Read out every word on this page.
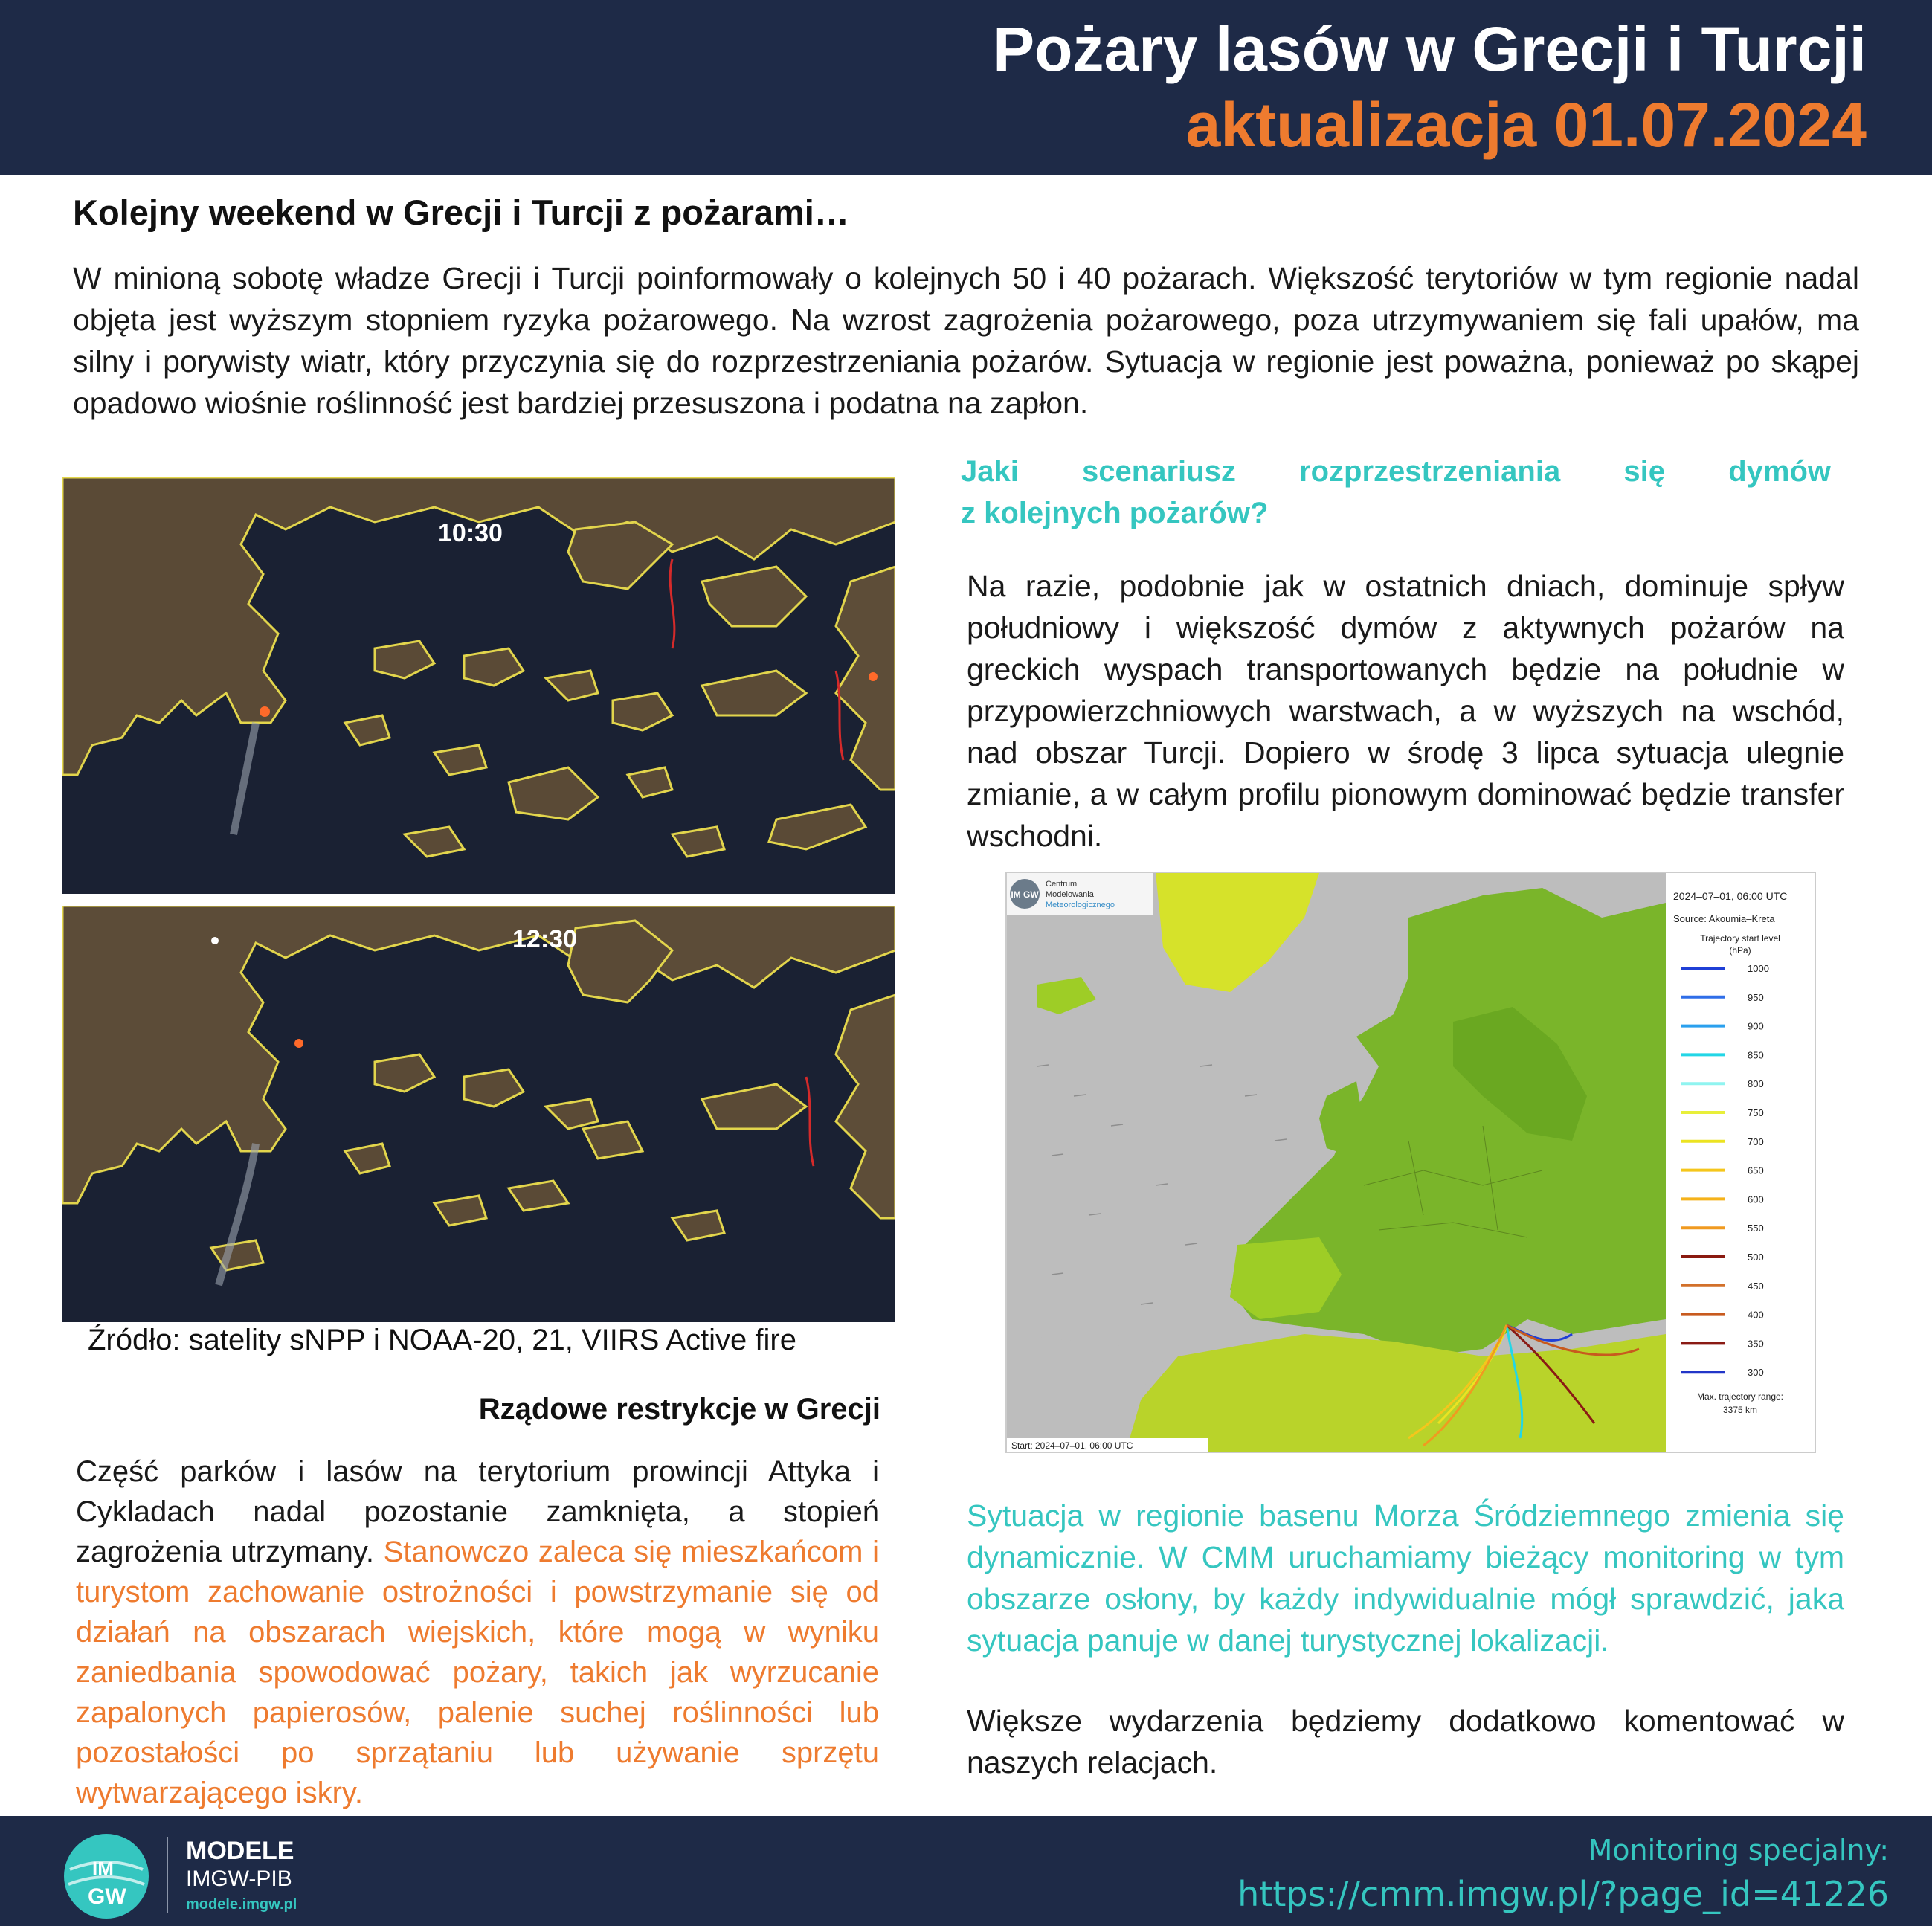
Pożary lasów w Grecji i Turcji
aktualizacja 01.07.2024
Kolejny weekend w Grecji i Turcji z pożarami…
W minioną sobotę władze Grecji i Turcji poinformowały o kolejnych 50 i 40 pożarach. Większość terytoriów w tym regionie nadal objęta jest wyższym stopniem ryzyka pożarowego. Na wzrost zagrożenia pożarowego, poza utrzymywaniem się fali upałów, ma silny i porywisty wiatr, który przyczynia się do rozprzestrzeniania pożarów. Sytuacja w regionie jest poważna, ponieważ po skąpej opadowo wiośnie roślinność jest bardziej przesuszona i podatna na zapłon.
10:30
12:30
Źródło: satelity sNPP i NOAA-20, 21, VIIRS Active fire
Rządowe restrykcje w Grecji
Część parków i lasów na terytorium prowincji Attyka i Cykladach nadal pozostanie zamknięta, a stopień zagrożenia utrzymany. Stanowczo zaleca się mieszkańcom i turystom zachowanie ostrożności i powstrzymanie się od działań na obszarach wiejskich, które mogą w wyniku zaniedbania spowodować pożary, takich jak wyrzucanie zapalonych papierosów, palenie suchej roślinności lub pozostałości po sprzątaniu lub używanie sprzętu wytwarzającego iskry.
Jaki scenariusz rozprzestrzeniania się dymów
z kolejnych pożarów?
Na razie, podobnie jak w ostatnich dniach, dominuje spływ południowy i większość dymów z aktywnych pożarów na greckich wyspach transportowanych będzie na południe w przypowierzchniowych warstwach, a w wyższych na wschód, nad obszar Turcji. Dopiero w środę 3 lipca sytuacja ulegnie zmianie, a w całym profilu pionowym dominować będzie transfer wschodni.
IM GW
Centrum
Modelowania
Meteorologicznego
2024–07–01, 06:00 UTC
Source: Akoumia–Kreta
Trajectory start level
(hPa)
1000
950
900
850
800
750
700
650
600
550
500
450
400
350
300
Max. trajectory range:
3375 km
Start: 2024–07–01, 06:00 UTC
Sytuacja w regionie basenu Morza Śródziemnego zmienia się dynamicznie. W CMM uruchamiamy bieżący monitoring w tym obszarze osłony, by każdy indywidualnie mógł sprawdzić, jaka sytuacja panuje w danej turystycznej lokalizacji.
Większe wydarzenia będziemy dodatkowo komentować w naszych relacjach.
IM
GW
MODELE
IMGW-PIB
modele.imgw.pl
Monitoring specjalny:
https://cmm.imgw.pl/?page_id=41226
